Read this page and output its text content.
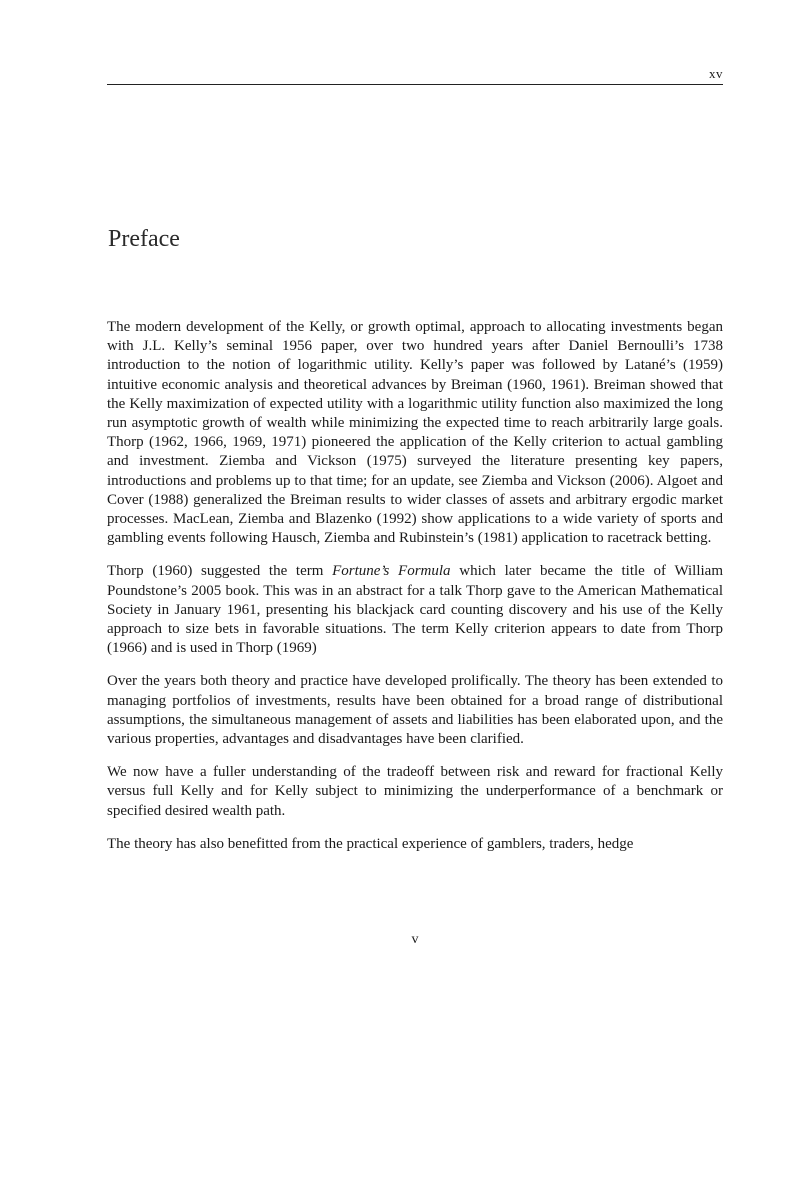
xv
Preface

The modern development of the Kelly, or growth optimal, approach to allocating investments began with J.L. Kelly’s seminal 1956 paper, over two hundred years after Daniel Bernoulli’s 1738 introduction to the notion of logarithmic utility. Kelly’s paper was followed by Latané’s (1959) intuitive economic analysis and theoretical advances by Breiman (1960, 1961). Breiman showed that the Kelly maximization of expected utility with a logarithmic utility function also maximized the long run asymptotic growth of wealth while minimizing the expected time to reach arbitrarily large goals. Thorp (1962, 1966, 1969, 1971) pioneered the application of the Kelly criterion to actual gambling and investment. Ziemba and Vickson (1975) surveyed the literature presenting key papers, introductions and problems up to that time; for an update, see Ziemba and Vickson (2006). Algoet and Cover (1988) generalized the Breiman results to wider classes of assets and arbitrary ergodic market processes. MacLean, Ziemba and Blazenko (1992) show applications to a wide variety of sports and gambling events following Hausch, Ziemba and Rubinstein’s (1981) application to racetrack betting.

Thorp (1960) suggested the term Fortune’s Formula which later became the title of William Poundstone’s 2005 book. This was in an abstract for a talk Thorp gave to the American Mathematical Society in January 1961, presenting his blackjack card counting discovery and his use of the Kelly approach to size bets in favorable situations. The term Kelly criterion appears to date from Thorp (1966) and is used in Thorp (1969)

Over the years both theory and practice have developed prolifically. The theory has been extended to managing portfolios of investments, results have been obtained for a broad range of distributional assumptions, the simultaneous management of assets and liabilities has been elaborated upon, and the various properties, advantages and disadvantages have been clarified.

We now have a fuller understanding of the tradeoff between risk and reward for fractional Kelly versus full Kelly and for Kelly subject to minimizing the underperformance of a benchmark or specified desired wealth path.

The theory has also benefitted from the practical experience of gamblers, traders, hedge

v
